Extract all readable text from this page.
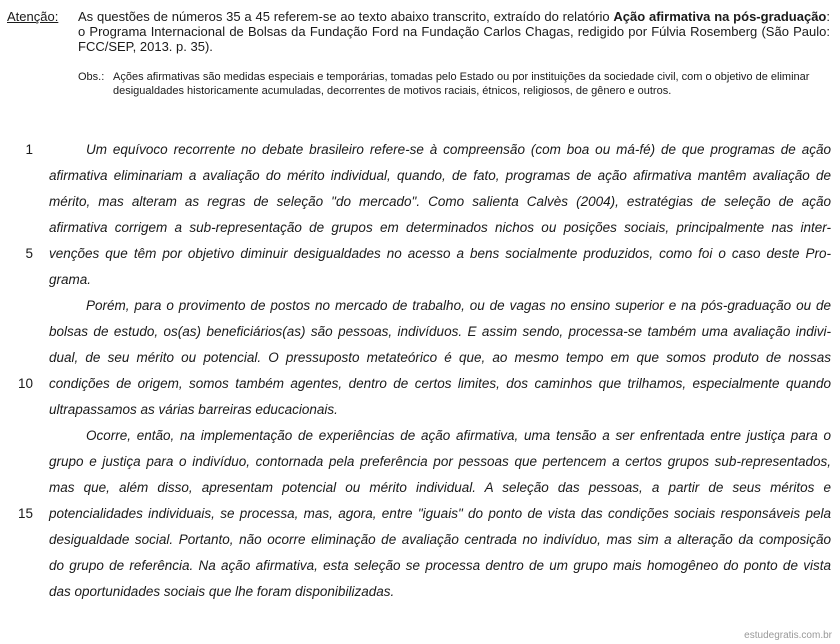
Atenção: As questões de números 35 a 45 referem-se ao texto abaixo transcrito, extraído do relatório Ação afirmativa na pós-graduação: o Programa Internacional de Bolsas da Fundação Ford na Fundação Carlos Chagas, redigido por Fúlvia Rosemberg (São Paulo: FCC/SEP, 2013. p. 35).
Obs.: Ações afirmativas são medidas especiais e temporárias, tomadas pelo Estado ou por instituições da sociedade civil, com o objetivo de eliminar desigualdades historicamente acumuladas, decorrentes de motivos raciais, étnicos, religiosos, de gênero e outros.
1
5
10
15
Um equívoco recorrente no debate brasileiro refere-se à compreensão (com boa ou má-fé) de que programas de ação
afirmativa eliminariam a avaliação do mérito individual, quando, de fato, programas de ação afirmativa mantêm avaliação de
mérito, mas alteram as regras de seleção "do mercado". Como salienta Calvès (2004), estratégias de seleção de ação
afirmativa corrigem a sub-representação de grupos em determinados nichos ou posições sociais, principalmente nas inter-
venções que têm por objetivo diminuir desigualdades no acesso a bens socialmente produzidos, como foi o caso deste Pro-
grama.
Porém, para o provimento de postos no mercado de trabalho, ou de vagas no ensino superior e na pós-graduação ou de
bolsas de estudo, os(as) beneficiários(as) são pessoas, indivíduos. E assim sendo, processa-se também uma avaliação indivi-
dual, de seu mérito ou potencial. O pressuposto metateórico é que, ao mesmo tempo em que somos produto de nossas
condições de origem, somos também agentes, dentro de certos limites, dos caminhos que trilhamos, especialmente quando
ultrapassamos as várias barreiras educacionais.
Ocorre, então, na implementação de experiências de ação afirmativa, uma tensão a ser enfrentada entre justiça para o
grupo e justiça para o indivíduo, contornada pela preferência por pessoas que pertencem a certos grupos sub-representados,
mas que, além disso, apresentam potencial ou mérito individual. A seleção das pessoas, a partir de seus méritos e
potencialidades individuais, se processa, mas, agora, entre "iguais" do ponto de vista das condições sociais responsáveis pela
desigualdade social. Portanto, não ocorre eliminação de avaliação centrada no indivíduo, mas sim a alteração da composição
do grupo de referência. Na ação afirmativa, esta seleção se processa dentro de um grupo mais homogêneo do ponto de vista
das oportunidades sociais que lhe foram disponibilizadas.
estudegratis.com.br
